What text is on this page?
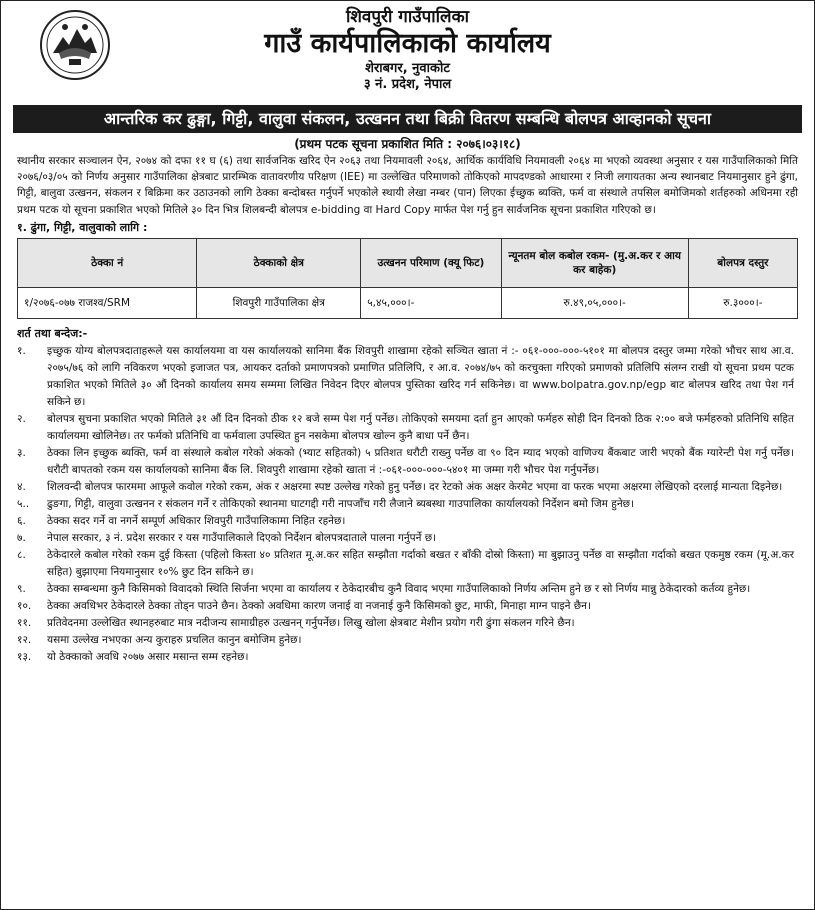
शिवपुरी गाउँपालिका
गाउँ कार्यपालिकाको कार्यालय
शेराबगर, नुवाकोट
३ नं. प्रदेश, नेपाल
आन्तरिक कर ढुङ्गा, गिट्टी, वालुवा संकलन, उत्खनन तथा बिक्री वितरण सम्बन्धि बोलपत्र आव्हानको सूचना
(प्रथम पटक सूचना प्रकाशित मिति : २०७६।०३।१८)
स्थानीय सरकार सञ्चालन ऐन, २०७४ को दफा ११ घ (६) तथा सार्वजनिक खरिद ऐन २०६३ तथा नियमावली २०६४, आर्थिक कार्यविधि नियमावली २०६४ मा भएको व्यवस्था अनुसार र यस गाउँपालिकाको मिति २०७६/०३/०५ को निर्णय अनुसार गाउँपालिका क्षेत्रबाट प्रारम्भिक वातावरणीय परिक्षण (IEE) मा उल्लेखित परिमाणको तोकिएको मापदण्डको आधारमा र निजी लगायतका अन्य स्थानबाट नियमानुसार हुने ढुंगा, गिट्टी, बालुवा उत्खनन, संकलन र बिक्रिमा कर उठाउनको लागि ठेक्का बन्दोबस्त गर्नुपर्ने भएकोले स्थायी लेखा नम्बर (पान) लिएका ईच्छुक ब्यक्ति, फर्म वा संस्थाले तपसिल बमोजिमको शर्तहरुको अधिनमा रही प्रथम पटक यो सूचना प्रकाशित भएको मितिले ३० दिन भित्र शिलबन्दी बोलपत्र e-bidding वा Hard Copy मार्फत पेश गर्नु हुन सार्वजनिक सूचना प्रकाशित गरिएको छ।
१. ढुंगा, गिट्टी, वालुवाको लागि :
ठेक्का नं	ठेक्काको क्षेत्र	उत्खनन परिमाण (क्यू फिट)	न्यूनतम बोल कबोल रकम- (मु.अ.कर र आय कर बाहेक)	बोलपत्र दस्तुर
१/२०७६-०७७ राजश्व/SRM	शिवपुरी गाउँपालिका क्षेत्र	५,४५,०००।-	रु.४९,०५,०००।-	रु.३०००।-
शर्त तथा बन्देज:-
१.	इच्छुक योग्य बोलपत्रदाताहरूले यस कार्यालयमा वा यस कार्यालयको सानिमा बैंक शिवपुरी शाखामा रहेको सञ्चित खाता नं :- ०६१-०००-०००-५१०१ मा बोलपत्र दस्तुर जम्मा गरेको भौचर साथ आ.व. २०७५/७६ को लागि नविकरण भएको इजाजत पत्र, आयकर दर्ताको प्रमाणपत्रको प्रमाणित प्रतिलिपि, र आ.व. २०७४/७५ को करचुक्ता गरिएको प्रमाणको प्रतिलिपि संलग्न राखी यो सूचना प्रथम पटक प्रकाशित भएको मितिले ३० औं दिनको कार्यालय समय सम्ममा लिखित निवेदन दिएर बोलपत्र पुस्तिका खरिद गर्न सकिनेछ। वा www.bolpatra.gov.np/egp बाट बोलपत्र खरिद तथा पेश गर्न सकिने छ।
२.	बोलपत्र सुचना प्रकाशित भएको मितिले ३१ औं दिन दिनको ठीक १२ बजे सम्म पेश गर्नु पर्नेछ। तोकिएको समयमा दर्ता हुन आएको फर्महरु सोही दिन दिनको ठिक २:०० बजे फर्महरुको प्रतिनिधि सहित कार्यालयमा खोलिनेछ। तर फर्मको प्रतिनिधि वा फर्मवाला उपस्थित हुन नसकेमा बोलपत्र खोल्न कुनै बाधा पर्ने छैन।
३.	ठेक्का लिन इच्छुक ब्यक्ति, फर्म वा संस्थाले कबोल गरेको अंकको (भ्याट सहितको) ५ प्रतिशत धरौटी राख्नु पर्नेछ वा ९० दिन म्याद भएको वाणिज्य बैंकबाट जारी भएको बैंक ग्यारेन्टी पेश गर्नु पर्नेछ। धरौटी बापतको रकम यस कार्यालयको सानिमा बैंक लि. शिवपुरी शाखामा रहेको खाता नं :-०६१-०००-०००-५४०१ मा जम्मा गरी भौचर पेश गर्नुपर्नेछ।
४.	शिलवन्दी बोलपत्र फारममा आफूले कवोल गरेको रकम, अंक र अक्षरमा स्पष्ट उल्लेख गरेको हुनु पर्नेछ। दर रेटको अंक अक्षर केरमेट भएमा वा फरक भएमा अक्षरमा लेखिएको दरलाई मान्यता दिइनेछ।
५..	ढुङगा, गिट्टी, वालुवा उत्खनन र संकलन गर्ने र तोकिएको स्थानमा घाटगद्दी गरी नापजाँच गरी लैजाने ब्यबस्था गाउपालिका कार्यालयको निर्देशन बमो जिम हुनेछ।
६.	ठेक्का सदर गर्ने वा नगर्ने सम्पूर्ण अधिकार शिवपुरी गाउँपालिकामा निहित रहनेछ।
७.	नेपाल सरकार, ३ नं. प्रदेश सरकार र यस गाउँपालिकाले दिएको निर्देशन बोलपत्रदाताले पालना गर्नुपर्ने छ।
८.	ठेकेदारले कबोल गरेको रकम दुई किस्ता (पहिलो किस्ता ४० प्रतिशत मू.अ.कर सहित सम्झौता गर्दाको बखत र बाँकी दोस्रो किस्ता) मा बुझाउनु पर्नेछ वा सम्झौता गर्दाको बखत एकमुष्ठ रकम (मू.अ.कर सहित) बुझाएमा नियमानुसार १०% छुट दिन सकिने छ।
९.	ठेक्का सम्बन्धमा कुनै किसिमको विवादको स्थिति सिर्जना भएमा वा कार्यालय र ठेकेदारबीच कुनै विवाद भएमा गाउँपालिकाको निर्णय अन्तिम हुने छ र सो निर्णय मान्नु ठेकेदारको कर्तव्य हुनेछ।
१०.	ठेक्का अवधिभर ठेकेदारले ठेक्का तोड्न पाउने छैन। ठेक्को अवधिमा कारण जनाई वा नजनाई कुनै किसिमको छुट, माफी, मिनाहा माग्न पाइने छैन।
११.	प्रतिवेदनमा उल्लेखित स्थानहरुबाट मात्र नदीजन्य सामाग्रीहरु उत्खनन् गर्नुपर्नेछ। लिखु खोला क्षेत्रबाट मेशीन प्रयोग गरी ढुंगा संकलन गरिने छैन।
१२.	यसमा उल्लेख नभएका अन्य कुराहरु प्रचलित कानुन बमोजिम हुनेछ।
१३.	यो ठेक्काको अवधि २०७७ असार मसान्त सम्म रहनेछ।
